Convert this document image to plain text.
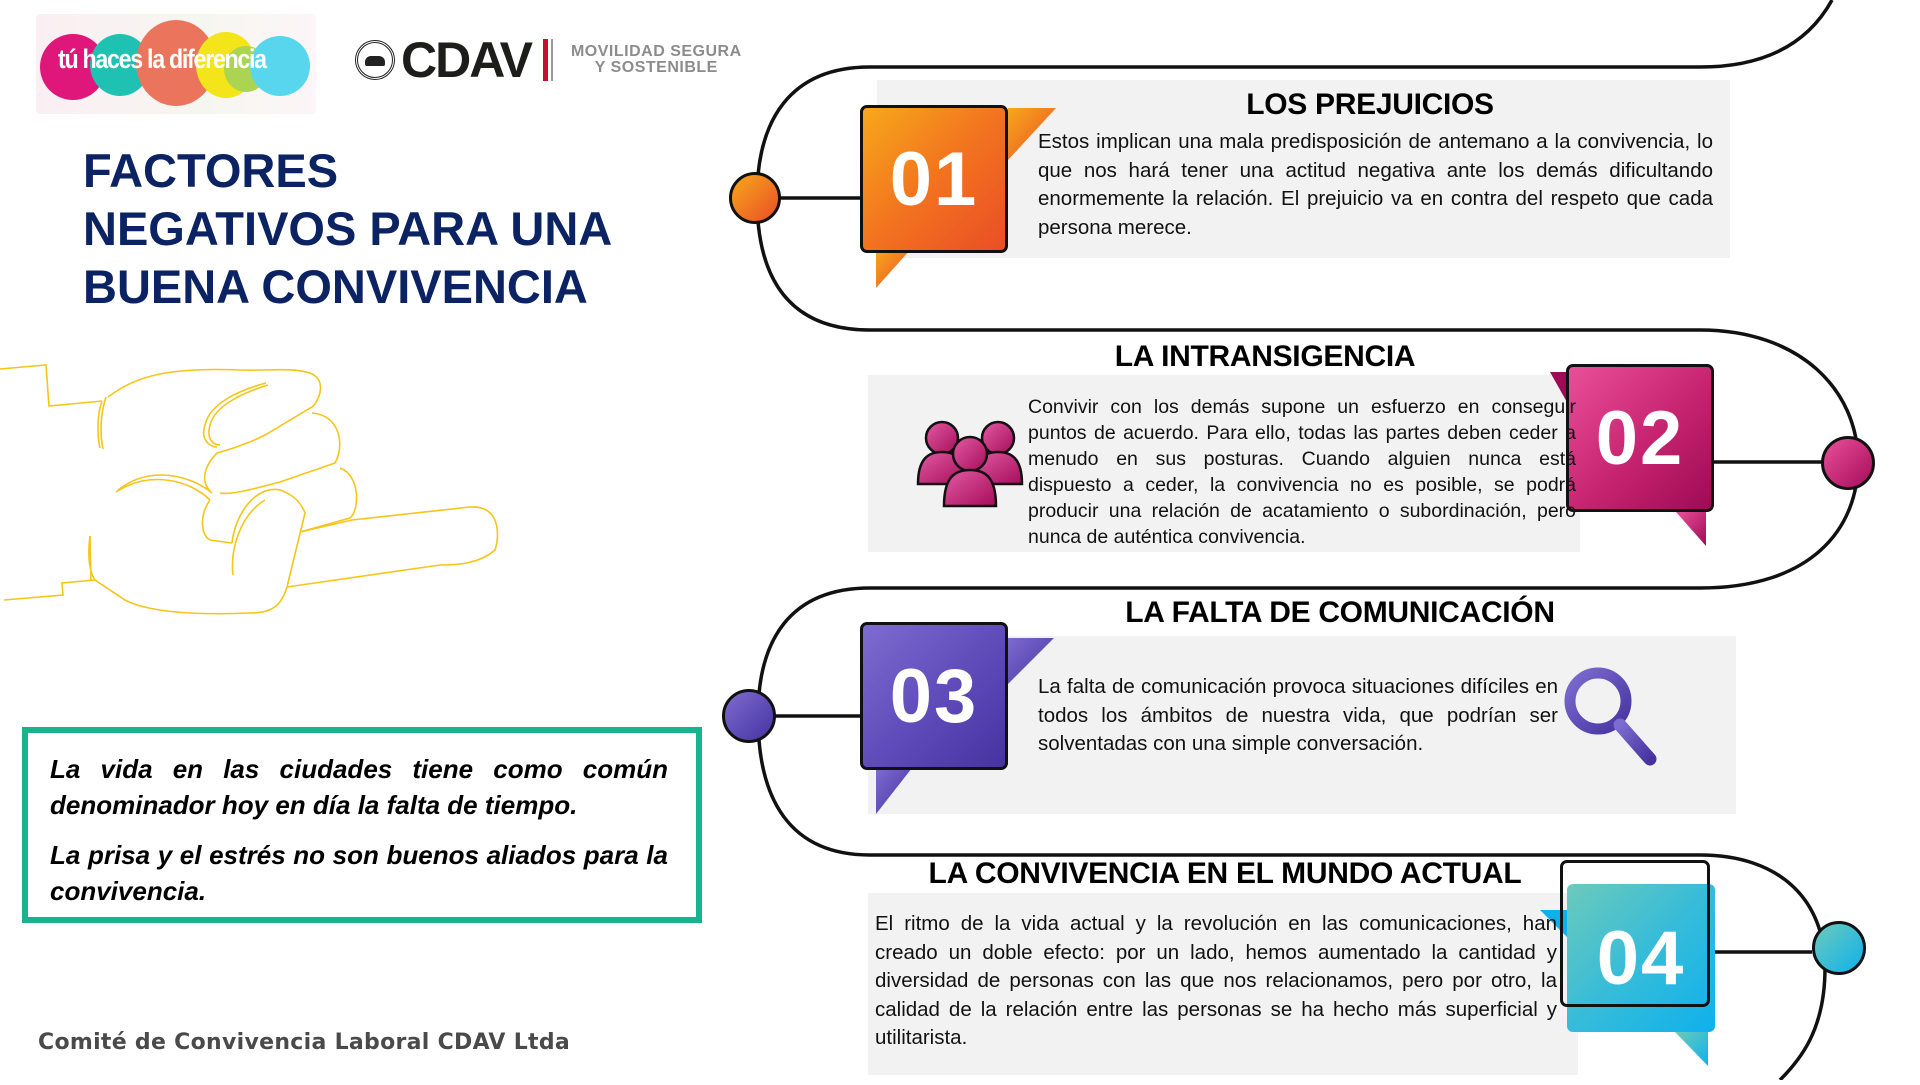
tú haces la diferencia	CDAV	MOVILIDAD SEGURA
Y SOSTENIBLE
FACTORES
NEGATIVOS PARA UNA
BUENA CONVIVENCIA

La vida en las ciudades tiene como común denominador hoy en día la falta de tiempo.

La prisa y el estrés no son buenos aliados para la convivencia.

Comité de Convivencia Laboral CDAV Ltda
01
LOS PREJUICIOS
Estos implican una mala predisposición de antemano a la convivencia, lo que nos hará tener una actitud negativa ante los demás dificultando enormemente la relación. El prejuicio va en contra del respeto que cada persona merece.
02
LA INTRANSIGENCIA
Convivir con los demás supone un esfuerzo en conseguir puntos de acuerdo. Para ello, todas las partes deben ceder a menudo en sus posturas. Cuando alguien nunca está dispuesto a ceder, la convivencia no es posible, se podrá producir una relación de acatamiento o subordinación, pero nunca de auténtica convivencia.
03
LA FALTA DE COMUNICACIÓN
La falta de comunicación provoca situaciones difíciles en todos los ámbitos de nuestra vida, que podrían ser solventadas con una simple conversación.
04
LA CONVIVENCIA EN EL MUNDO ACTUAL
El ritmo de la vida actual y la revolución en las comunicaciones, han creado un doble efecto: por un lado, hemos aumentado la cantidad y diversidad de personas con las que nos relacionamos, pero por otro, la calidad de la relación entre las personas se ha hecho más superficial y utilitarista.
